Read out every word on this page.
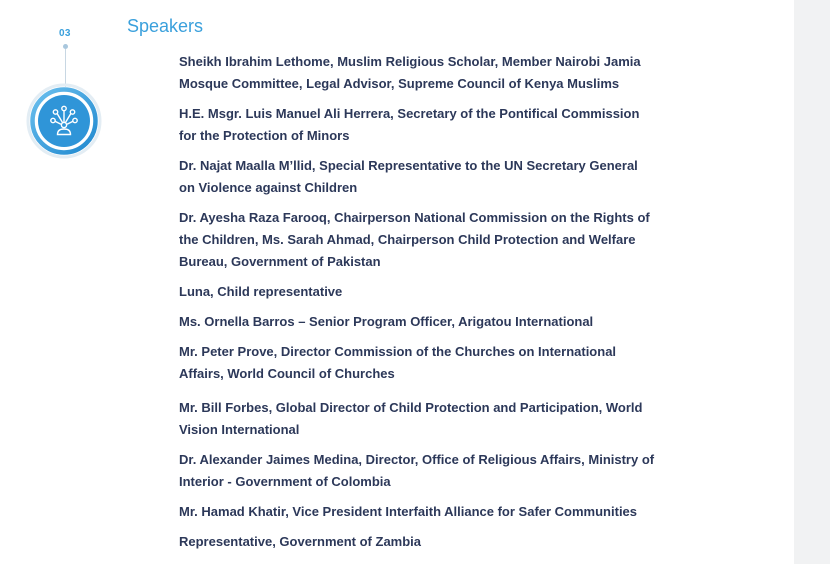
03	Speakers
Sheikh Ibrahim Lethome, Muslim Religious Scholar, Member Nairobi Jamia
Mosque Committee, Legal Advisor, Supreme Council of Kenya Muslims
H.E. Msgr. Luis Manuel Ali Herrera, Secretary of the Pontifical Commission
for the Protection of Minors
Dr. Najat Maalla M’llid, Special Representative to the UN Secretary General
on Violence against Children
Dr. Ayesha Raza Farooq, Chairperson National Commission on the Rights of
the Children, Ms. Sarah Ahmad, Chairperson Child Protection and Welfare
Bureau, Government of Pakistan
Luna, Child representative
Ms. Ornella Barros – Senior Program Officer, Arigatou International
Mr. Peter Prove, Director Commission of the Churches on International
Affairs, World Council of Churches
Mr. Bill Forbes, Global Director of Child Protection and Participation, World
Vision International
Dr. Alexander Jaimes Medina, Director, Office of Religious Affairs, Ministry of
Interior - Government of Colombia
Mr. Hamad Khatir, Vice President Interfaith Alliance for Safer Communities
Representative, Government of Zambia
